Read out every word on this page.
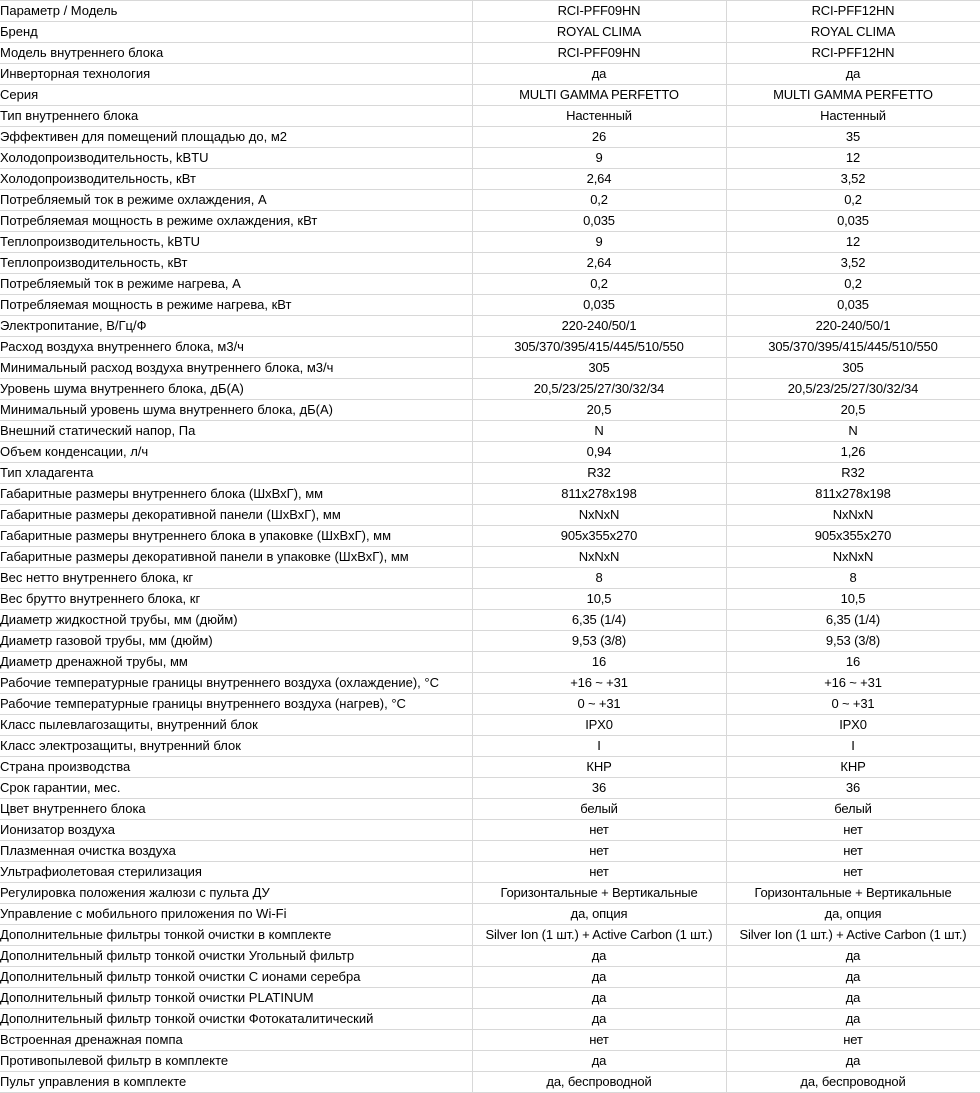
Параметр / Модель	RCI-PFF09HN	RCI-PFF12HN
Бренд	ROYAL CLIMA	ROYAL CLIMA
Модель внутреннего блока	RCI-PFF09HN	RCI-PFF12HN
Инверторная технология	да	да
Серия	MULTI GAMMA PERFETTO	MULTI GAMMA PERFETTO
Тип внутреннего блока	Настенный	Настенный
Эффективен для помещений площадью до, м2	26	35
Холодопроизводительность, kBTU	9	12
Холодопроизводительность, кВт	2,64	3,52
Потребляемый ток в режиме охлаждения, А	0,2	0,2
Потребляемая мощность в режиме охлаждения, кВт	0,035	0,035
Теплопроизводительность, kBTU	9	12
Теплопроизводительность, кВт	2,64	3,52
Потребляемый ток в режиме нагрева, А	0,2	0,2
Потребляемая мощность в режиме нагрева, кВт	0,035	0,035
Электропитание, В/Гц/Ф	220-240/50/1	220-240/50/1
Расход воздуха внутреннего блока, м3/ч	305/370/395/415/445/510/550	305/370/395/415/445/510/550
Минимальный расход воздуха внутреннего блока, м3/ч	305	305
Уровень шума внутреннего блока, дБ(А)	20,5/23/25/27/30/32/34	20,5/23/25/27/30/32/34
Минимальный уровень шума внутреннего блока, дБ(А)	20,5	20,5
Внешний статический напор, Па	N	N
Объем конденсации, л/ч	0,94	1,26
Тип хладагента	R32	R32
Габаритные размеры внутреннего блока (ШхВхГ), мм	811x278x198	811x278x198
Габаритные размеры декоративной панели (ШхВхГ), мм	NxNxN	NxNxN
Габаритные размеры внутреннего блока в упаковке (ШхВхГ), мм	905x355x270	905x355x270
Габаритные размеры декоративной панели в упаковке (ШхВхГ), мм	NxNxN	NxNxN
Вес нетто внутреннего блока, кг	8	8
Вес брутто внутреннего блока, кг	10,5	10,5
Диаметр жидкостной трубы, мм (дюйм)	6,35 (1/4)	6,35 (1/4)
Диаметр газовой трубы, мм (дюйм)	9,53 (3/8)	9,53 (3/8)
Диаметр дренажной трубы, мм	16	16
Рабочие температурные границы внутреннего воздуха (охлаждение), °С	+16 ~ +31	+16 ~ +31
Рабочие температурные границы внутреннего воздуха (нагрев), °С	0 ~ +31	0 ~ +31
Класс пылевлагозащиты, внутренний блок	IPX0	IPX0
Класс электрозащиты, внутренний блок	I	I
Страна производства	КНР	КНР
Срок гарантии, мес.	36	36
Цвет внутреннего блока	белый	белый
Ионизатор воздуха	нет	нет
Плазменная очистка воздуха	нет	нет
Ультрафиолетовая стерилизация	нет	нет
Регулировка положения жалюзи с пульта ДУ	Горизонтальные + Вертикальные	Горизонтальные + Вертикальные
Управление с мобильного приложения по Wi-Fi	да, опция	да, опция
Дополнительные фильтры тонкой очистки в комплекте	Silver Ion (1 шт.) + Active Carbon (1 шт.)	Silver Ion (1 шт.) + Active Carbon (1 шт.)
Дополнительный фильтр тонкой очистки Угольный фильтр	да	да
Дополнительный фильтр тонкой очистки С ионами серебра	да	да
Дополнительный фильтр тонкой очистки PLATINUM	да	да
Дополнительный фильтр тонкой очистки Фотокаталитический	да	да
Встроенная дренажная помпа	нет	нет
Противопылевой фильтр в комплекте	да	да
Пульт управления в комплекте	да, беспроводной	да, беспроводной
